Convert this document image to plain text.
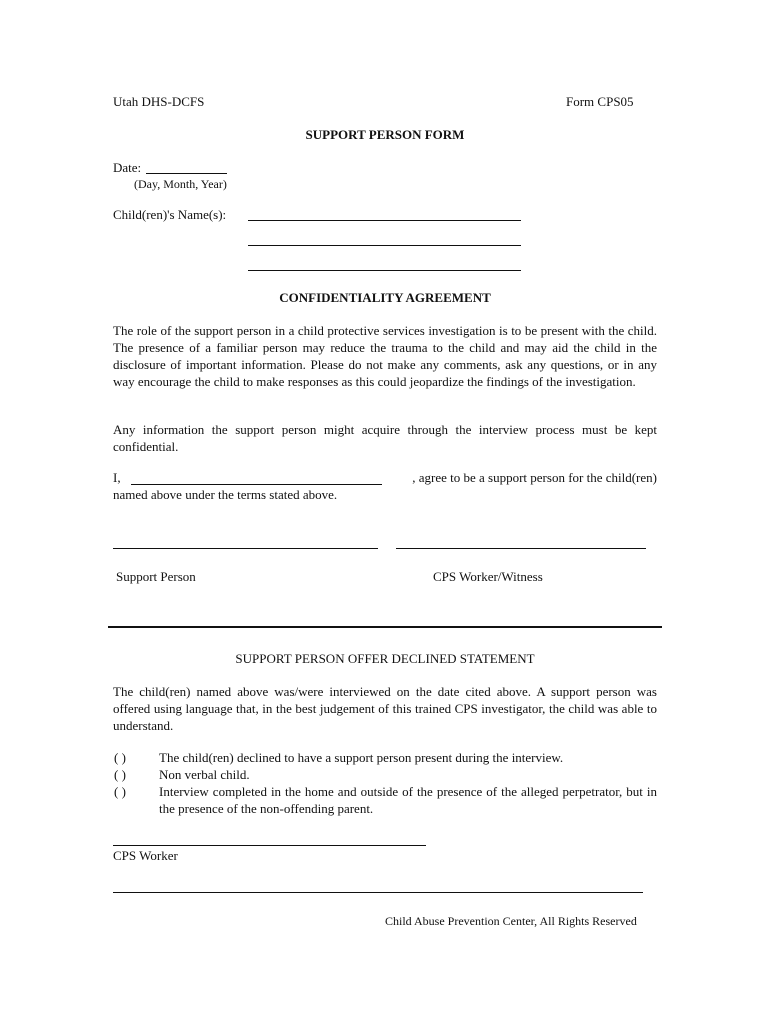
Utah DHS-DCFS	Form CPS05
SUPPORT PERSON FORM
Date:
(Day, Month, Year)
Child(ren)'s Name(s):
CONFIDENTIALITY AGREEMENT
The role of the support person in a child protective services investigation is to be present with the child. The presence of a familiar person may reduce the trauma to the child and may aid the child in the disclosure of important information. Please do not make any comments, ask any questions, or in any way encourage the child to make responses as this could jeopardize the findings of the investigation.
Any information the support person might acquire through the interview process must be kept confidential.
I,	, agree to be a support person for the child(ren)
named above under the terms stated above.
Support Person	CPS Worker/Witness
SUPPORT PERSON OFFER DECLINED STATEMENT
The child(ren) named above was/were interviewed on the date cited above. A support person was offered using language that, in the best judgement of this trained CPS investigator, the child was able to understand.
( )	The child(ren) declined to have a support person present during the interview.
( )	Non verbal child.
( )	Interview completed in the home and outside of the presence of the alleged perpetrator, but in the presence of the non-offending parent.
CPS Worker
Child Abuse Prevention Center, All Rights Reserved
